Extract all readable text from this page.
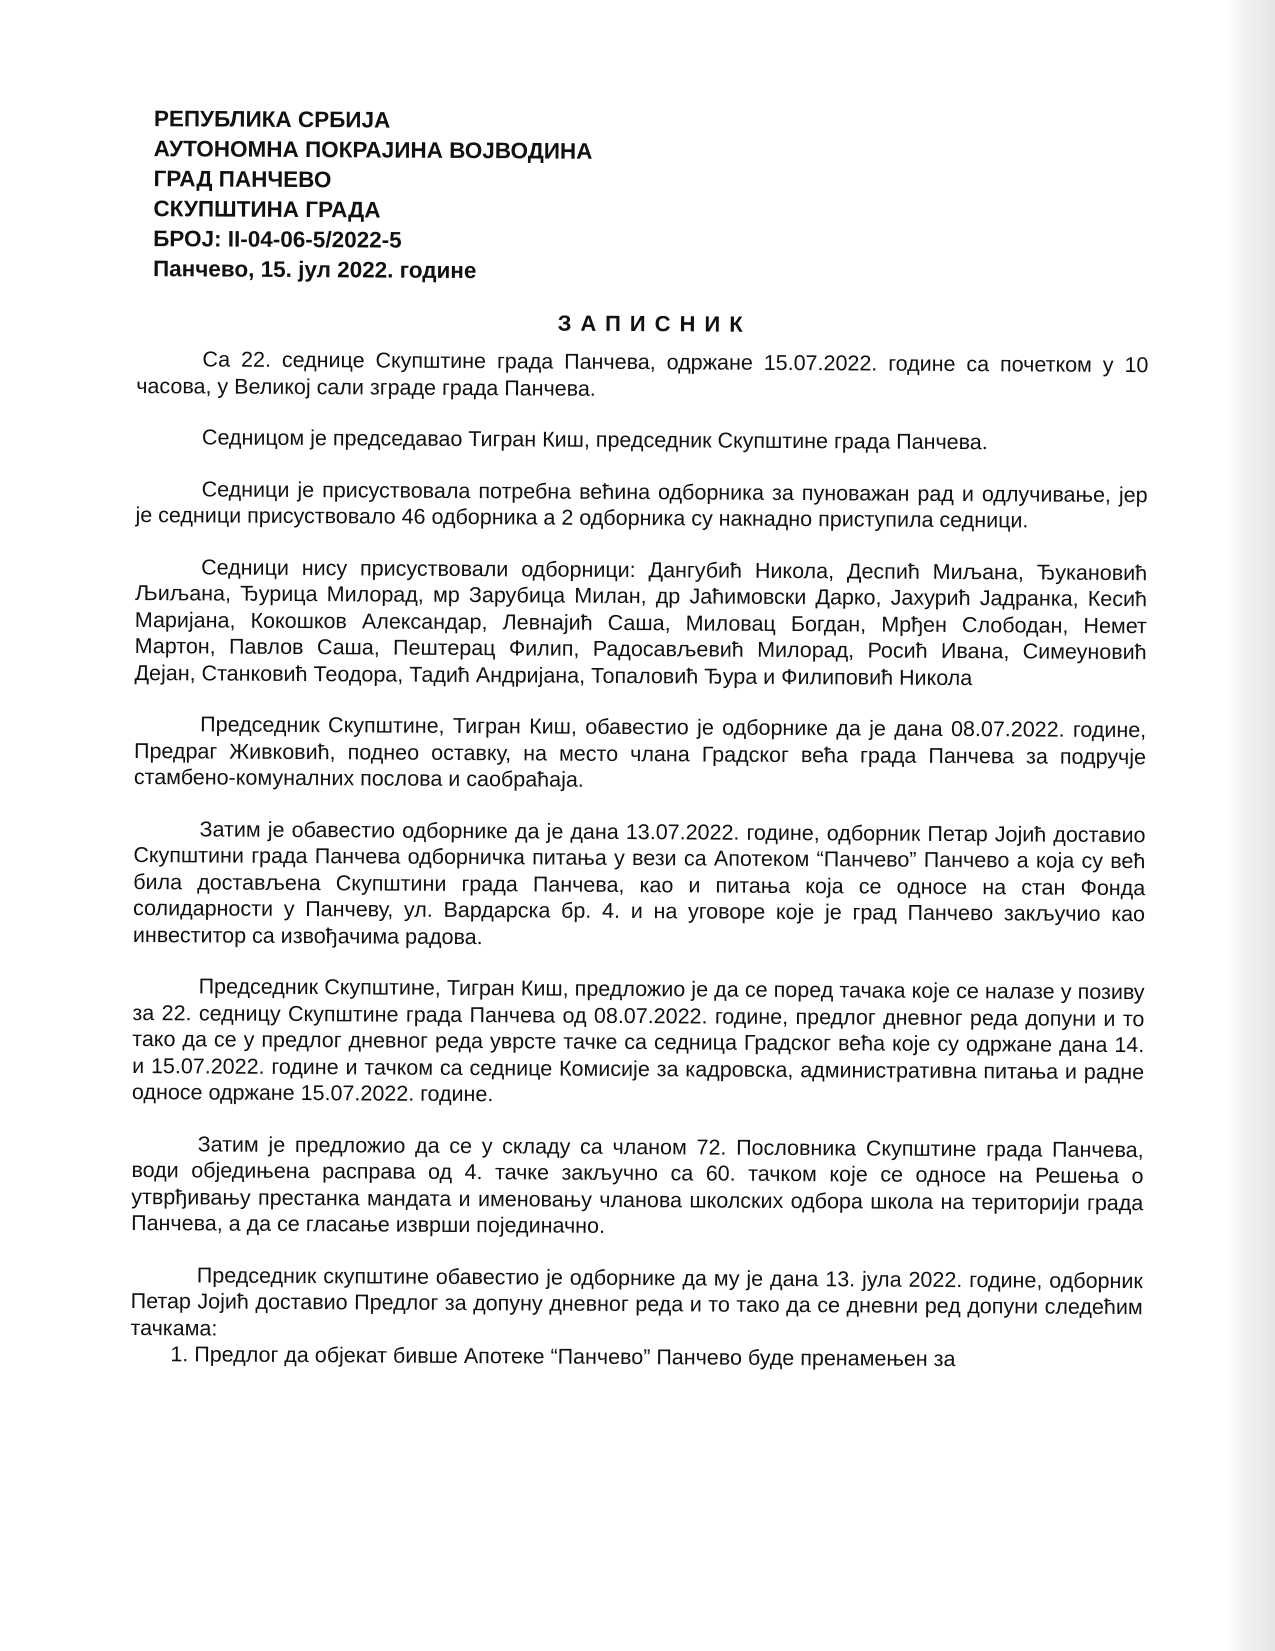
РЕПУБЛИКА СРБИЈА
АУТОНОМНА ПОКРАЈИНА ВОЈВОДИНА
ГРАД ПАНЧЕВО
СКУПШТИНА ГРАДА
БРОЈ: II-04-06-5/2022-5
Панчево, 15. јул 2022. године
ЗАПИСНИК

Са 22. седнице Скупштине града Панчева, одржане 15.07.2022. године са почетком у 10 часова, у Великој сали зграде града Панчева.

Седницом је председавао Тигран Киш, председник Скупштине града Панчева.

Седници је присуствовала потребна већина одборника за пуноважан рад и одлучивање, јер је седници присуствовало 46 одборника а 2 одборника су накнадно приступила седници.

Седници нису присуствовали одборници: Дангубић Никола, Деспић Миљана, Ђукановић Љиљана, Ђурица Милорад, мр Зарубица Милан, др Јаћимовски Дарко, Јахурић Јадранка, Кесић Маријана, Кокошков Александар, Левнајић Саша, Миловац Богдан, Мрђен Слободан, Немет Мартон, Павлов Саша, Пештерац Филип, Радосављевић Милорад, Росић Ивана, Симеуновић Дејан, Станковић Теодора, Тадић Андријана, Топаловић Ђура и Филиповић Никола

Председник Скупштине, Тигран Киш, обавестио је одборнике да је дана 08.07.2022. године, Предраг Живковић, поднео оставку, на место члана Градског већа града Панчева за подручје стамбено-комуналних послова и саобраћаја.

Затим је обавестио одборнике да је дана 13.07.2022. године, одборник Петар Јојић доставио Скупштини града Панчева одборничка питања у вези са Апотеком “Панчево” Панчево а која су већ била достављена Скупштини града Панчева, као и питања која се односе на стан Фонда солидарности у Панчеву, ул. Вардарска бр. 4. и на уговоре које је град Панчево закључио као инвеститор са извођачима радова.

Председник Скупштине, Тигран Киш, предложио је да се поред тачака које се налазе у позиву за 22. седницу Скупштине града Панчева од 08.07.2022. године, предлог дневног реда допуни и то тако да се у предлог дневног реда уврсте тачке са седница Градског већа које су одржане дана 14. и 15.07.2022. године и тачком са седнице Комисије за кадровска, административна питања и радне односе одржане 15.07.2022. године.

Затим је предложио да се у складу са чланом 72. Пословника Скупштине града Панчева, води обједињена расправа од 4. тачке закључно са 60. тачком које се односе на Решења о утврђивању престанка мандата и именовању чланова школских одбора школа на територији града Панчева, а да се гласање изврши појединачно.

Председник скупштине обавестио је одборнике да му је дана 13. јула 2022. године, одборник Петар Јојић доставио Предлог за допуну дневног реда и то тако да се дневни ред допуни следећим тачкама:

1. Предлог да објекат бивше Апотеке “Панчево” Панчево буде пренамењен за
